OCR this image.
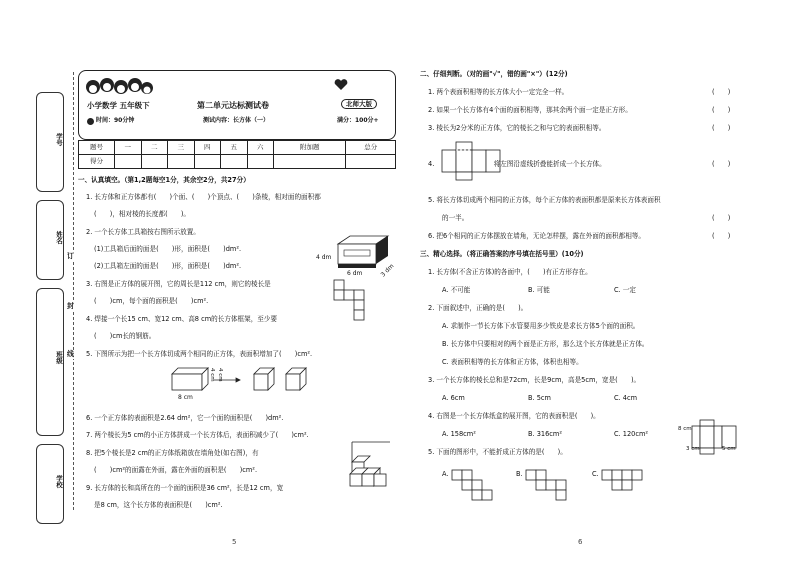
学号
姓名
班级
学校
订
封
线
小学数学 五年级下
时间：90分钟
第二单元达标测试卷
测试内容：长方体（一）
北师大版
满分：100分+
题号	一	二	三	四	五	六	附加题	总分
得分								
一、认真填空。（第1,2题每空1分，其余空2分，共27分）
1. 长方体和正方体都有(　　)个面、(　　)个顶点、(　　)条棱，相对面的面积都
(　　)，相对棱的长度都(　　)。
2. 一个长方体工具箱按右图所示放置。
(1)工具箱后面的面是(　　)形，面积是(　　)dm².
(2)工具箱左面的面是(　　)形，面积是(　　)dm².
4 dm
6 dm	3 dm
3. 右图是正方体的展开图，它的周长是112 cm，则它的棱长是
(　　)cm，每个面的面积是(　　)cm².
4. 焊接一个长15 cm、宽12 cm、高8 cm的长方体框架，至少要
(　　)cm长的钢筋。
5. 下图所示为把一个长方体切成两个相同的正方体，表面积增加了(　　)cm².
8 cm
4 cm 4 cm
6. 一个正方体的表面积是2.64 dm²，它一个面的面积是(　　)dm².
7. 两个棱长为5 cm的小正方体拼成一个长方体后，表面积减少了(　　)cm².
8. 把5个棱长是2 cm的正方体纸箱放在墙角处(如右图)，有
(　　)cm²的面露在外面，露在外面的面积是(　　)cm².
9. 长方体的长和高所在的一个面的面积是36 cm²，长是12 cm，宽
是8 cm，这个长方体的表面积是(　　)cm².
二、仔细判断。（对的画"√"，错的画"×"）(12分)
1. 两个表面积相等的长方体大小一定完全一样。	(　　)
2. 如果一个长方体有4个面的面积相等，那其余两个面一定是正方形。	(　　)
3. 棱长为2分米的正方体，它的棱长之和与它的表面积相等。	(　　)
4.　　　　　　　　　将左图沿虚线折叠能折成一个长方体。	(　　)
5. 将长方体切成两个相同的正方体，每个正方体的表面积都是原来长方体表面积
的一半。	(　　)
6. 把6个相同的正方体摆放在墙角，无论怎样摆，露在外面的面积都相等。	(　　)
三、精心选择。（将正确答案的序号填在括号里）(10分)
1. 长方体(不含正方体)的各面中，(　　)有正方形存在。
A. 不可能	B. 可能	C. 一定
2. 下面叙述中，正确的是(　　)。
A. 求制作一节长方体下水管要用多少铁皮是求长方体5个面的面积。
B. 长方体中只要相对的两个面是正方形，那么这个长方体就是正方体。
C. 表面积相等的长方体和正方体，体积也相等。
3. 一个长方体的棱长总和是72cm，长是9cm，高是5cm，宽是(　　)。
A. 6cm	B. 5cm	C. 4cm
4. 右图是一个长方体纸盒的展开图，它的表面积是(　　)。
A. 158cm²	B. 316cm²	C. 120cm²
8 cm
3 cm	5 cm
5. 下面的图形中，不能折成正方体的是(　　)。
A.	B.	C.
5	6
